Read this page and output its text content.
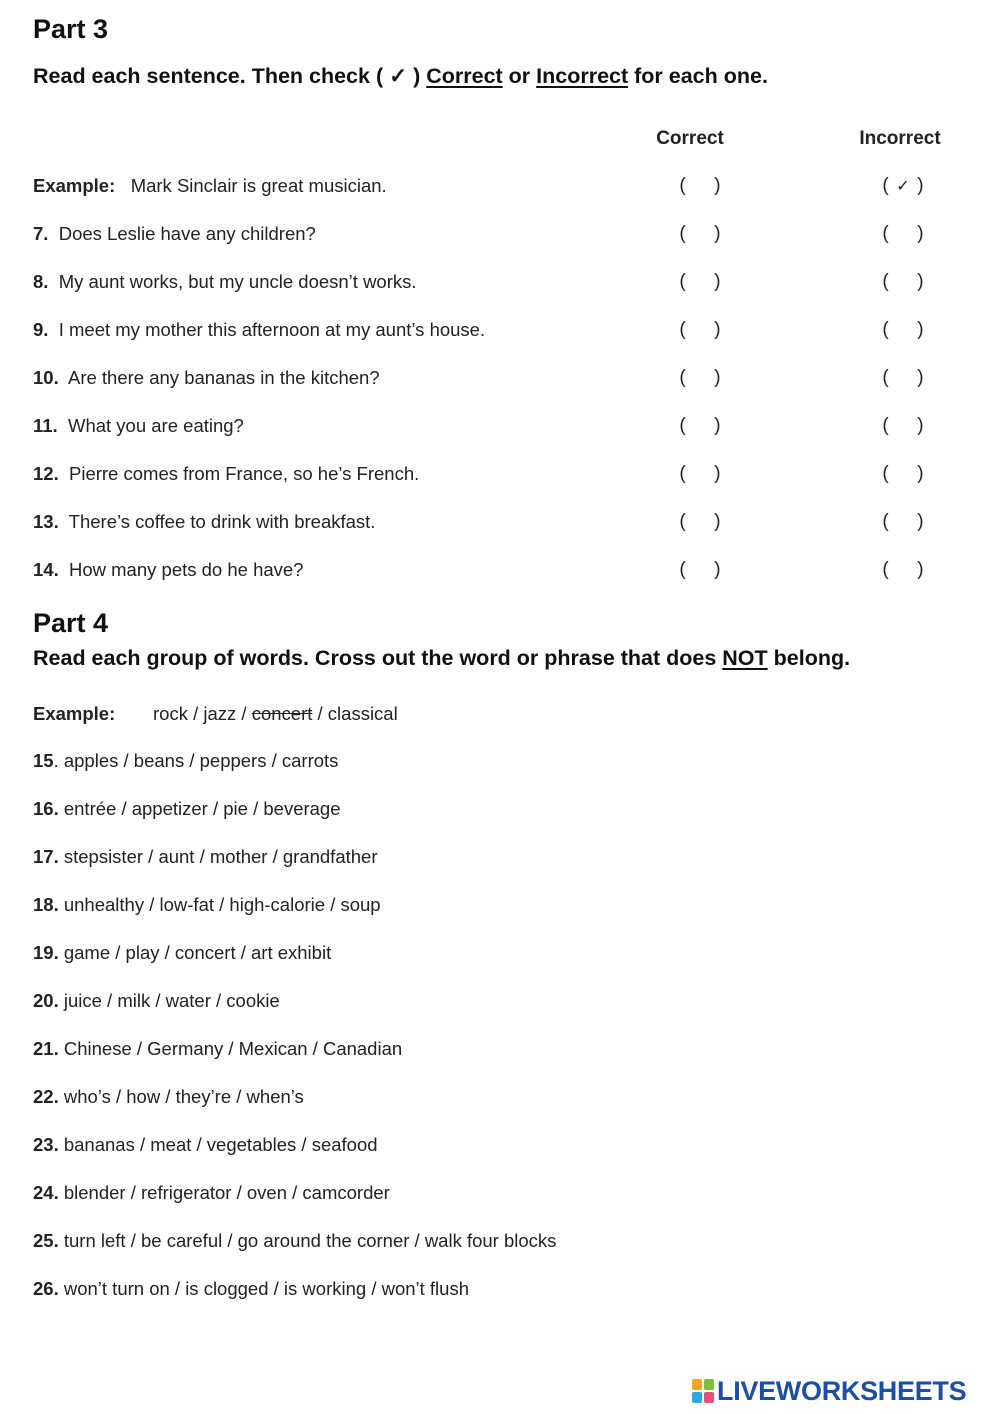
Part 3

Read each sentence. Then check ( ✓ ) Correct or Incorrect for each one.

Correct	Incorrect
Example: Mark Sinclair is great musician.	(  )	( ✓ )
7. Does Leslie have any children?	(  )	(  )
8. My aunt works, but my uncle doesn’t works.	(  )	(  )
9. I meet my mother this afternoon at my aunt’s house.	(  )	(  )
10. Are there any bananas in the kitchen?	(  )	(  )
11. What you are eating?	(  )	(  )
12. Pierre comes from France, so he’s French.	(  )	(  )
13. There’s coffee to drink with breakfast.	(  )	(  )
14. How many pets do he have?	(  )	(  )
Part 4

Read each group of words. Cross out the word or phrase that does NOT belong.

Example: rock / jazz / concert / classical
15. apples / beans / peppers / carrots
16. entrée / appetizer / pie / beverage
17. stepsister / aunt / mother / grandfather
18. unhealthy / low-fat / high-calorie / soup
19. game / play / concert / art exhibit
20. juice / milk / water / cookie
21. Chinese / Germany / Mexican / Canadian
22. who’s / how / they’re / when’s
23. bananas / meat / vegetables / seafood
24. blender / refrigerator / oven / camcorder
25. turn left / be careful / go around the corner / walk four blocks
26. won’t turn on / is clogged / is working / won’t flush
LIVEWORKSHEETS
